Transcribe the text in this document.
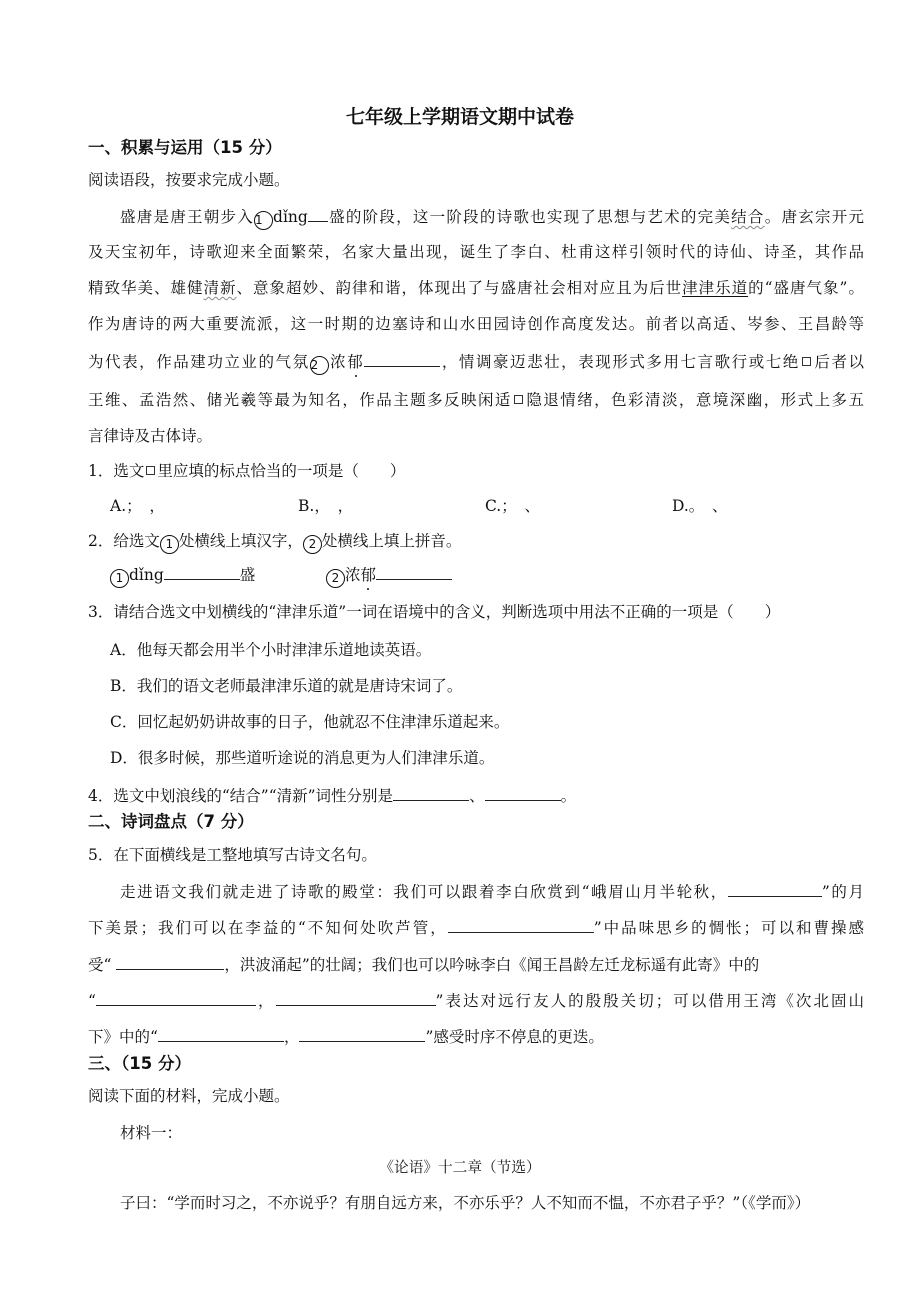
七年级上学期语文期中试卷
一、积累与运用（15 分）
阅读语段，按要求完成小题。
盛唐是唐王朝步入1 dǐng 盛的阶段，这一阶段的诗歌也实现了思想与艺术的完美结合。唐玄宗开元
及天宝初年，诗歌迎来全面繁荣，名家大量出现，诞生了李白、杜甫这样引领时代的诗仙、诗圣，其作品
精致华美、雄健清新、意象超妙、韵律和谐，体现出了与盛唐社会相对应且为后世津津乐道的“盛唐气象”。
作为唐诗的两大重要流派，这一时期的边塞诗和山水田园诗创作高度发达。前者以高适、岑参、王昌龄等
为代表，作品建功立业的气氛2 浓郁	，情调豪迈悲壮，表现形式多用七言歌行或七绝 后者以
王维、孟浩然、储光羲等最为知名，作品主题多反映闲适 隐退情绪，色彩清淡，意境深幽，形式上多五
言律诗及古体诗。
1．选文 里应填的标点恰当的一项是（　　）
A.；　，	B.，　，	C.；　、	D.。　、
2．给选文 1 处横线上填汉字， 2 处横线上填上拼音。
1 dǐng	盛	2 浓郁
3．请结合选文中划横线的“津津乐道”一词在语境中的含义，判断选项中用法不正确的一项是（　　）
A．他每天都会用半个小时津津乐道地读英语。
B．我们的语文老师最津津乐道的就是唐诗宋词了。
C．回忆起奶奶讲故事的日子，他就忍不住津津乐道起来。
D．很多时候，那些道听途说的消息更为人们津津乐道。
4．选文中划浪线的“结合”“清新”词性分别是	、	。
二、诗词盘点（7 分）
5．在下面横线是工整地填写古诗文名句。
走进语文我们就走进了诗歌的殿堂：我们可以跟着李白欣赏到“峨眉山月半轮秋，	”的月
下美景；我们可以在李益的“不知何处吹芦管，	”中品味思乡的惆怅；可以和曹操感
受“	，洪波涌起”的壮阔；我们也可以吟咏李白《闻王昌龄左迁龙标遥有此寄》中的
“	，	”表达对远行友人的殷殷关切；可以借用王湾《次北固山
下》中的“	，	”感受时序不停息的更迭。
三、（15 分）
阅读下面的材料，完成小题。
材料一：
《论语》十二章（节选）
子曰：“学而时习之，不亦说乎？有朋自远方来，不亦乐乎？人不知而不愠，不亦君子乎？”（《学而》）
